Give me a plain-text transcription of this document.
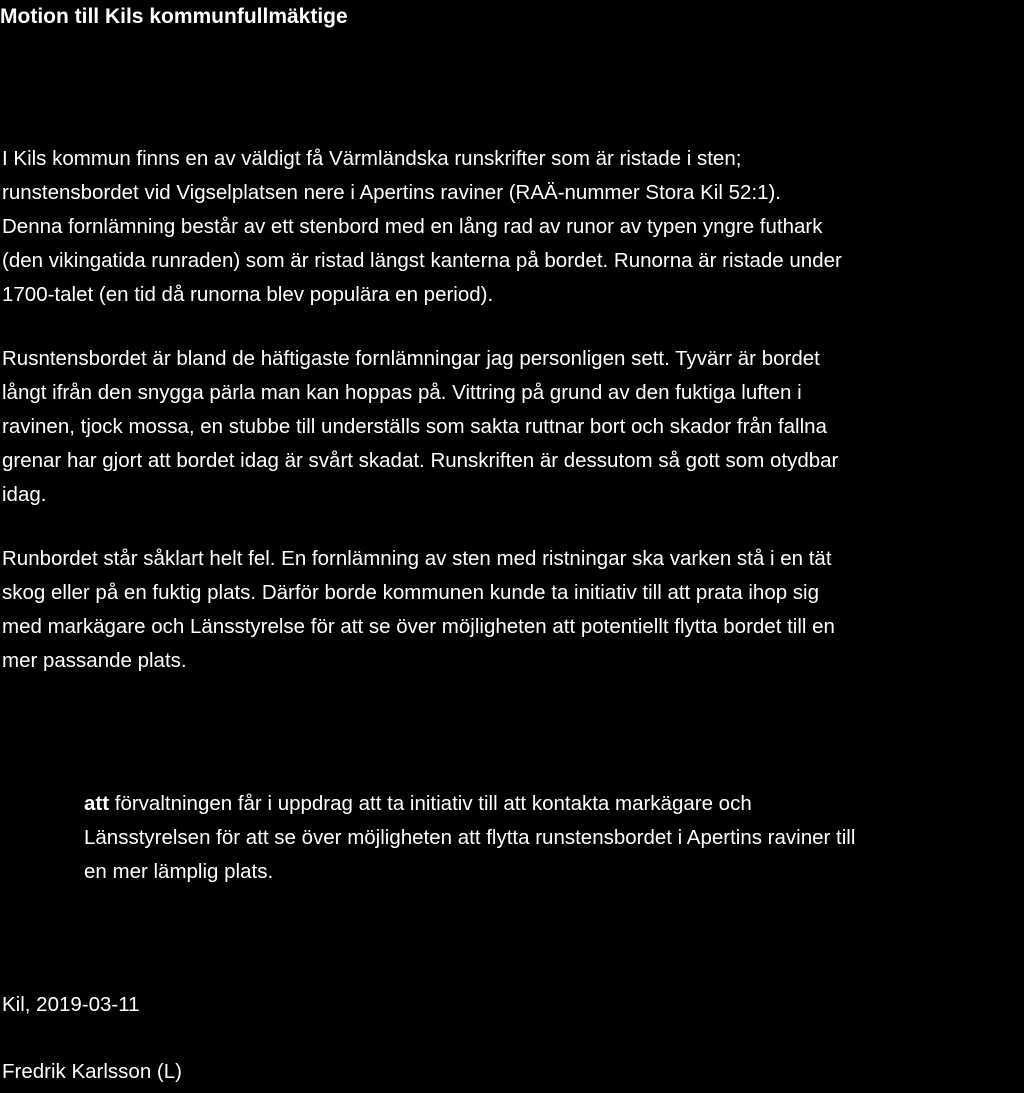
Motion till Kils kommunfullmäktige
I Kils kommun finns en av väldigt få Värmländska runskrifter som är ristade i sten;
runstensbordet vid Vigselplatsen nere i Apertins raviner (RAÄ-nummer Stora Kil 52:1).
Denna fornlämning består av ett stenbord med en lång rad av runor av typen yngre futhark
(den vikingatida runraden) som är ristad längst kanterna på bordet. Runorna är ristade under
1700-talet (en tid då runorna blev populära en period).
Rusntensbordet är bland de häftigaste fornlämningar jag personligen sett. Tyvärr är bordet
långt ifrån den snygga pärla man kan hoppas på. Vittring på grund av den fuktiga luften i
ravinen, tjock mossa, en stubbe till underställs som sakta ruttnar bort och skador från fallna
grenar har gjort att bordet idag är svårt skadat. Runskriften är dessutom så gott som otydbar
idag.
Runbordet står såklart helt fel. En fornlämning av sten med ristningar ska varken stå i en tät
skog eller på en fuktig plats. Därför borde kommunen kunde ta initiativ till att prata ihop sig
med markägare och Länsstyrelse för att se över möjligheten att potentiellt flytta bordet till en
mer passande plats.
att förvaltningen får i uppdrag att ta initiativ till att kontakta markägare och
Länsstyrelsen för att se över möjligheten att flytta runstensbordet i Apertins raviner till
en mer lämplig plats.
Kil, 2019-03-11
Fredrik Karlsson (L)
